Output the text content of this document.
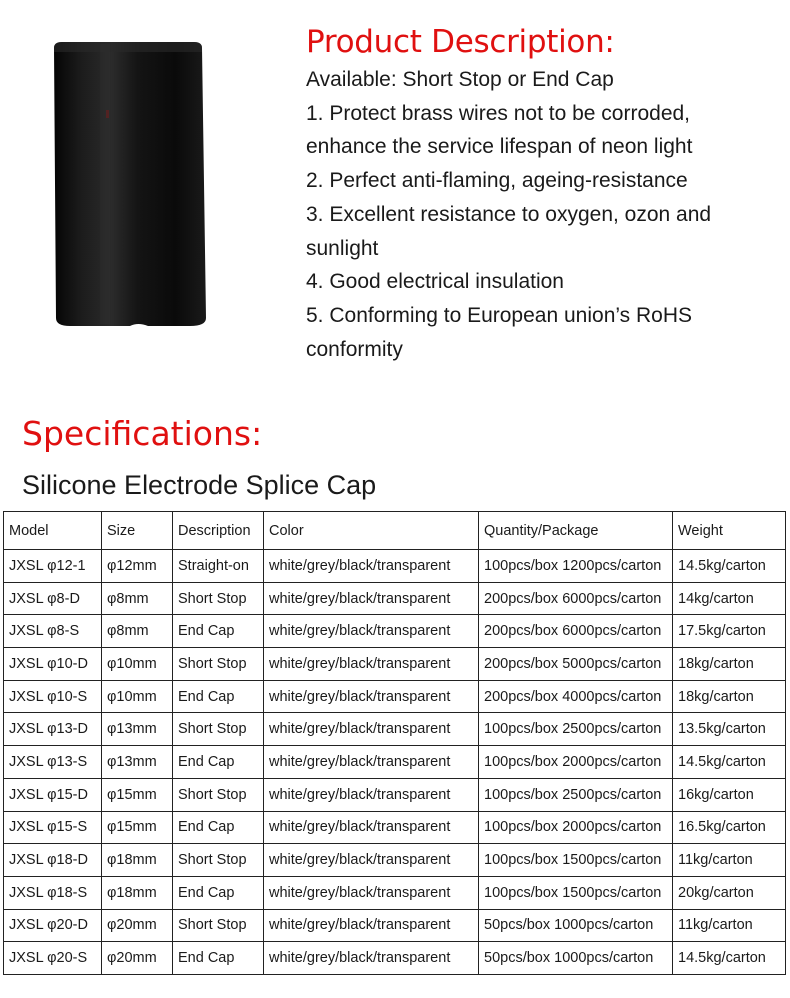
Product Description:
Available: Short Stop or End Cap
1. Protect brass wires not to be corroded,
enhance the service lifespan of neon light
2. Perfect anti-flaming, ageing-resistance
3. Excellent resistance to oxygen, ozon and
sunlight
4. Good electrical insulation
5. Conforming to European union’s RoHS
conformity
Specifications:
Silicone Electrode Splice Cap
Model	Size	Description	Color	Quantity/Package	Weight
JXSL φ12-1	φ12mm	Straight-on	white/grey/black/transparent	100pcs/box 1200pcs/carton	14.5kg/carton
JXSL φ8-D	φ8mm	Short Stop	white/grey/black/transparent	200pcs/box 6000pcs/carton	14kg/carton
JXSL φ8-S	φ8mm	End Cap	white/grey/black/transparent	200pcs/box 6000pcs/carton	17.5kg/carton
JXSL φ10-D	φ10mm	Short Stop	white/grey/black/transparent	200pcs/box 5000pcs/carton	18kg/carton
JXSL φ10-S	φ10mm	End Cap	white/grey/black/transparent	200pcs/box 4000pcs/carton	18kg/carton
JXSL φ13-D	φ13mm	Short Stop	white/grey/black/transparent	100pcs/box 2500pcs/carton	13.5kg/carton
JXSL φ13-S	φ13mm	End Cap	white/grey/black/transparent	100pcs/box 2000pcs/carton	14.5kg/carton
JXSL φ15-D	φ15mm	Short Stop	white/grey/black/transparent	100pcs/box 2500pcs/carton	16kg/carton
JXSL φ15-S	φ15mm	End Cap	white/grey/black/transparent	100pcs/box 2000pcs/carton	16.5kg/carton
JXSL φ18-D	φ18mm	Short Stop	white/grey/black/transparent	100pcs/box 1500pcs/carton	11kg/carton
JXSL φ18-S	φ18mm	End Cap	white/grey/black/transparent	100pcs/box 1500pcs/carton	20kg/carton
JXSL φ20-D	φ20mm	Short Stop	white/grey/black/transparent	50pcs/box 1000pcs/carton	11kg/carton
JXSL φ20-S	φ20mm	End Cap	white/grey/black/transparent	50pcs/box 1000pcs/carton	14.5kg/carton
